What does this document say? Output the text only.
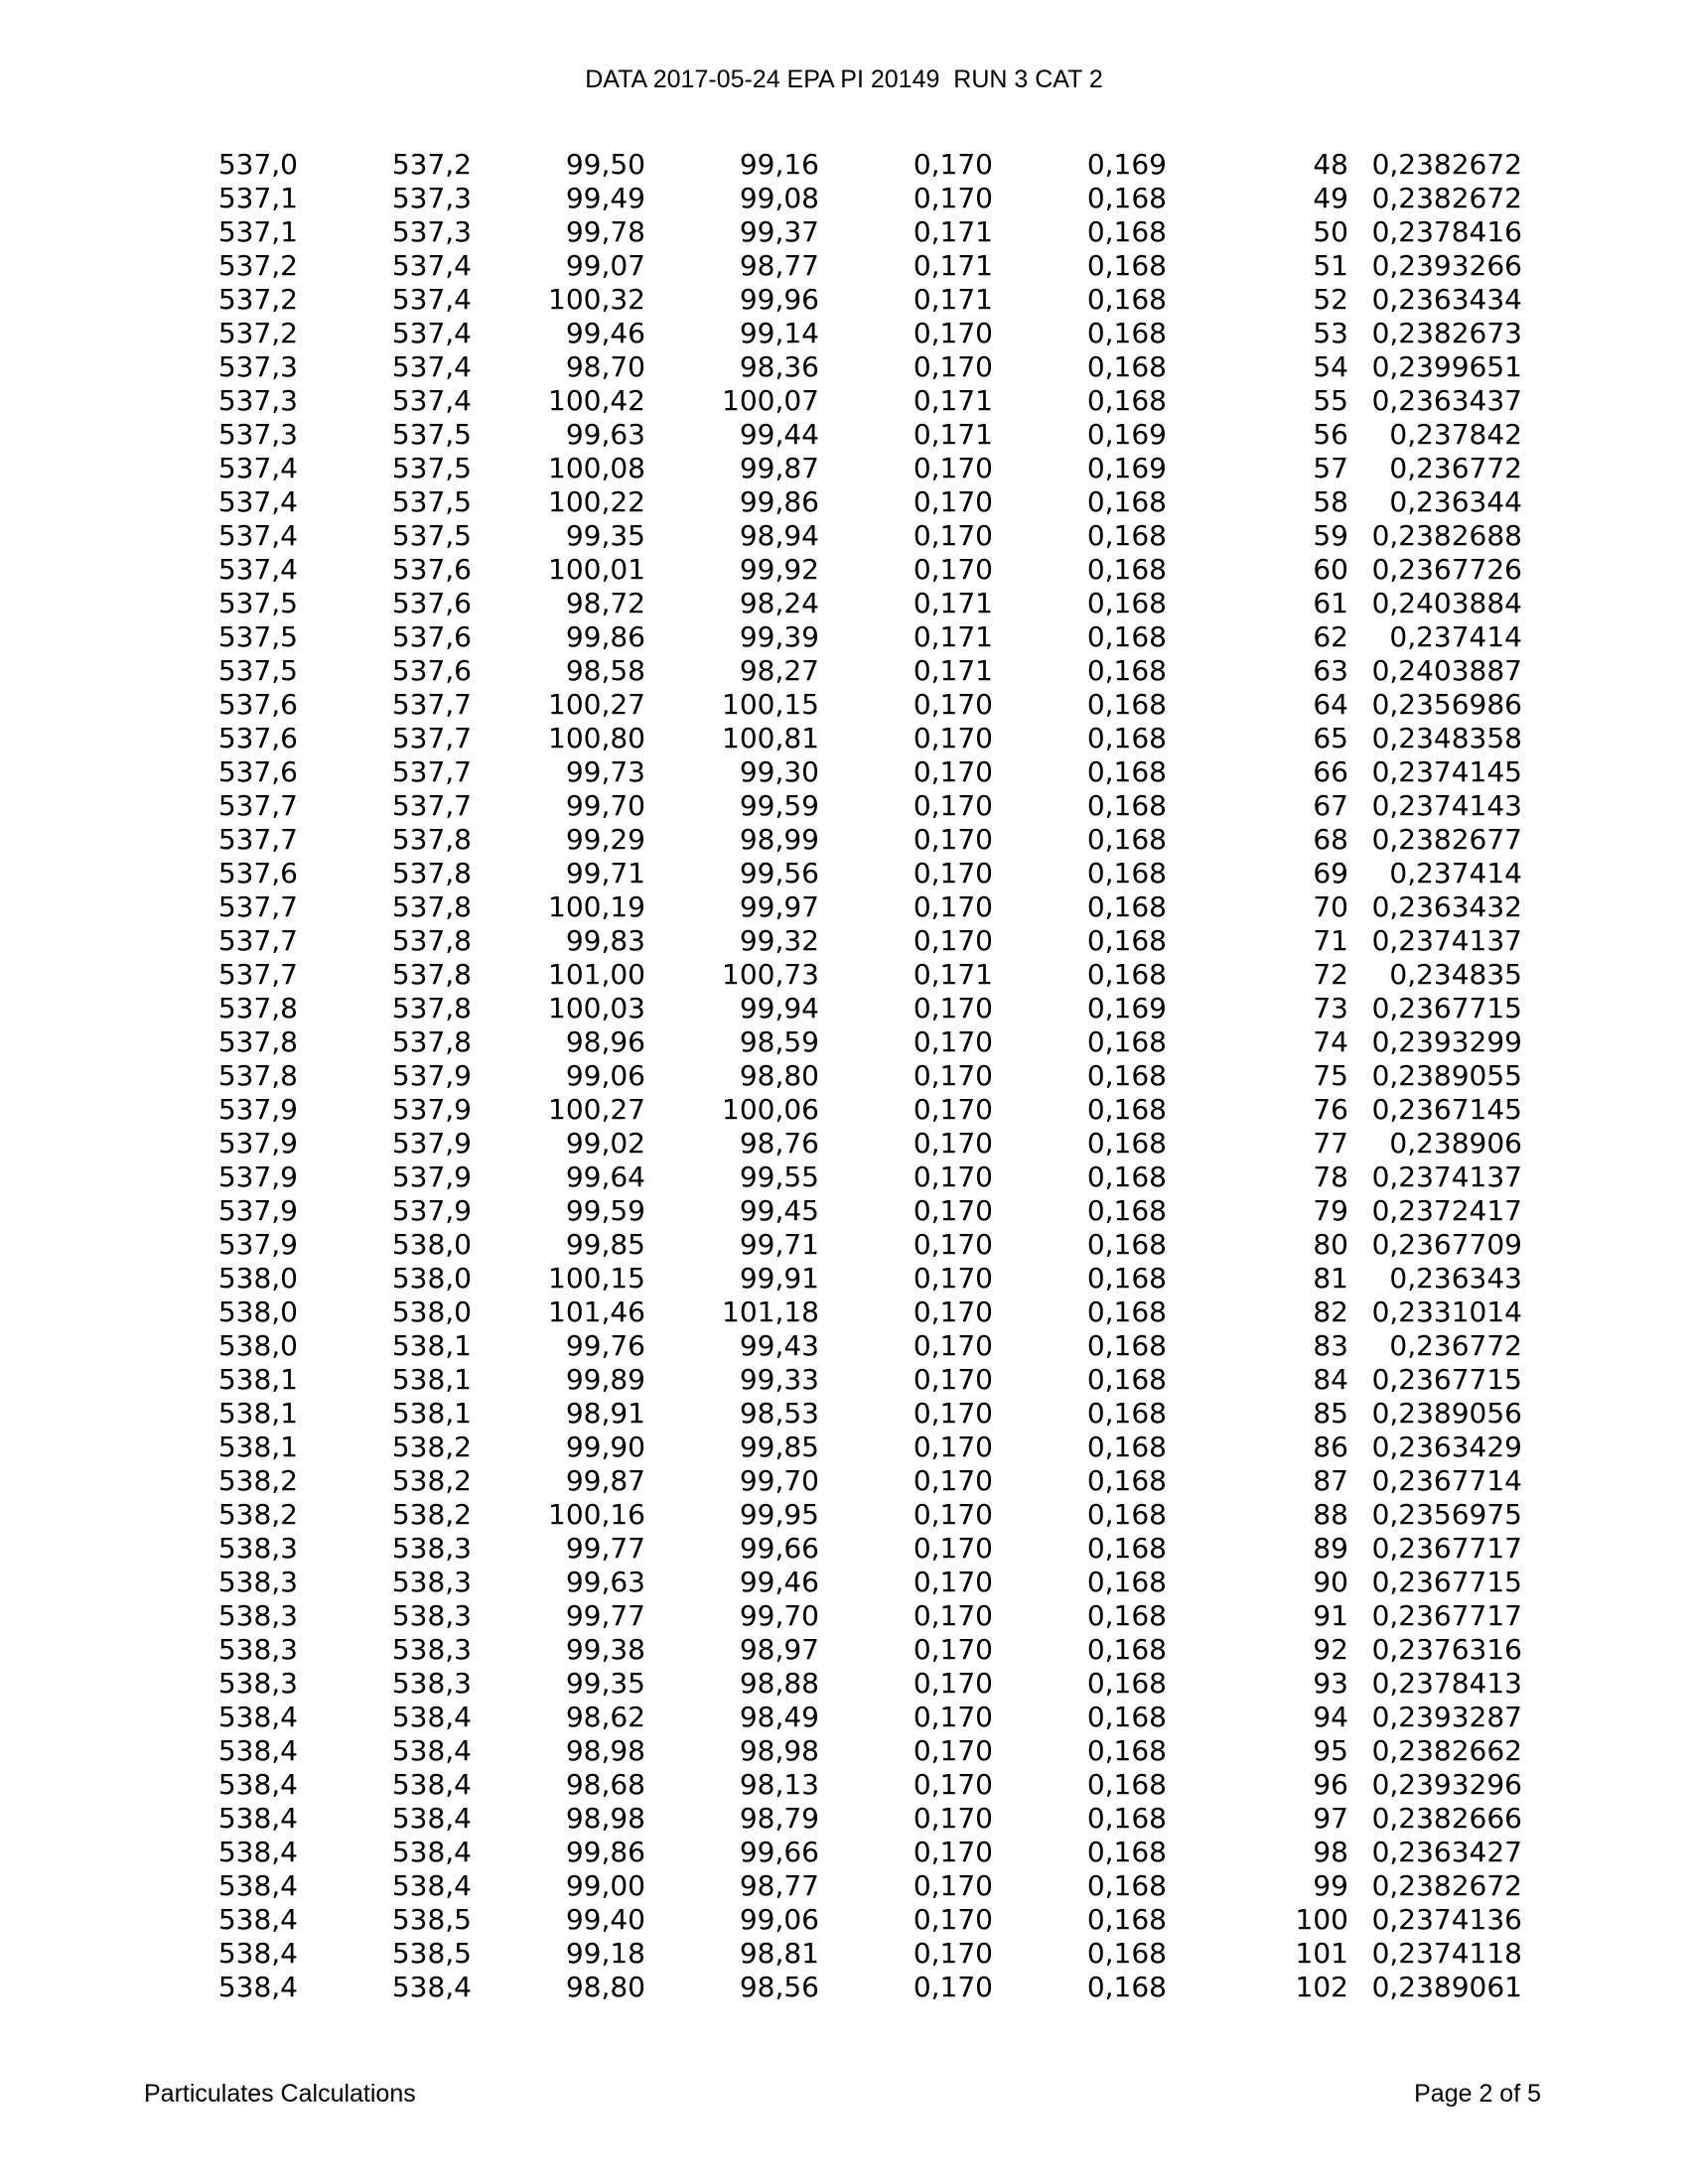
DATA 2017-05-24 EPA PI 20149  RUN 3 CAT 2
537,0	537,2	99,50	99,16	0,170	0,169	48	0,2382672
537,1	537,3	99,49	99,08	0,170	0,168	49	0,2382672
537,1	537,3	99,78	99,37	0,171	0,168	50	0,2378416
537,2	537,4	99,07	98,77	0,171	0,168	51	0,2393266
537,2	537,4	100,32	99,96	0,171	0,168	52	0,2363434
537,2	537,4	99,46	99,14	0,170	0,168	53	0,2382673
537,3	537,4	98,70	98,36	0,170	0,168	54	0,2399651
537,3	537,4	100,42	100,07	0,171	0,168	55	0,2363437
537,3	537,5	99,63	99,44	0,171	0,169	56	0,237842
537,4	537,5	100,08	99,87	0,170	0,169	57	0,236772
537,4	537,5	100,22	99,86	0,170	0,168	58	0,236344
537,4	537,5	99,35	98,94	0,170	0,168	59	0,2382688
537,4	537,6	100,01	99,92	0,170	0,168	60	0,2367726
537,5	537,6	98,72	98,24	0,171	0,168	61	0,2403884
537,5	537,6	99,86	99,39	0,171	0,168	62	0,237414
537,5	537,6	98,58	98,27	0,171	0,168	63	0,2403887
537,6	537,7	100,27	100,15	0,170	0,168	64	0,2356986
537,6	537,7	100,80	100,81	0,170	0,168	65	0,2348358
537,6	537,7	99,73	99,30	0,170	0,168	66	0,2374145
537,7	537,7	99,70	99,59	0,170	0,168	67	0,2374143
537,7	537,8	99,29	98,99	0,170	0,168	68	0,2382677
537,6	537,8	99,71	99,56	0,170	0,168	69	0,237414
537,7	537,8	100,19	99,97	0,170	0,168	70	0,2363432
537,7	537,8	99,83	99,32	0,170	0,168	71	0,2374137
537,7	537,8	101,00	100,73	0,171	0,168	72	0,234835
537,8	537,8	100,03	99,94	0,170	0,169	73	0,2367715
537,8	537,8	98,96	98,59	0,170	0,168	74	0,2393299
537,8	537,9	99,06	98,80	0,170	0,168	75	0,2389055
537,9	537,9	100,27	100,06	0,170	0,168	76	0,2367145
537,9	537,9	99,02	98,76	0,170	0,168	77	0,238906
537,9	537,9	99,64	99,55	0,170	0,168	78	0,2374137
537,9	537,9	99,59	99,45	0,170	0,168	79	0,2372417
537,9	538,0	99,85	99,71	0,170	0,168	80	0,2367709
538,0	538,0	100,15	99,91	0,170	0,168	81	0,236343
538,0	538,0	101,46	101,18	0,170	0,168	82	0,2331014
538,0	538,1	99,76	99,43	0,170	0,168	83	0,236772
538,1	538,1	99,89	99,33	0,170	0,168	84	0,2367715
538,1	538,1	98,91	98,53	0,170	0,168	85	0,2389056
538,1	538,2	99,90	99,85	0,170	0,168	86	0,2363429
538,2	538,2	99,87	99,70	0,170	0,168	87	0,2367714
538,2	538,2	100,16	99,95	0,170	0,168	88	0,2356975
538,3	538,3	99,77	99,66	0,170	0,168	89	0,2367717
538,3	538,3	99,63	99,46	0,170	0,168	90	0,2367715
538,3	538,3	99,77	99,70	0,170	0,168	91	0,2367717
538,3	538,3	99,38	98,97	0,170	0,168	92	0,2376316
538,3	538,3	99,35	98,88	0,170	0,168	93	0,2378413
538,4	538,4	98,62	98,49	0,170	0,168	94	0,2393287
538,4	538,4	98,98	98,98	0,170	0,168	95	0,2382662
538,4	538,4	98,68	98,13	0,170	0,168	96	0,2393296
538,4	538,4	98,98	98,79	0,170	0,168	97	0,2382666
538,4	538,4	99,86	99,66	0,170	0,168	98	0,2363427
538,4	538,4	99,00	98,77	0,170	0,168	99	0,2382672
538,4	538,5	99,40	99,06	0,170	0,168	100	0,2374136
538,4	538,5	99,18	98,81	0,170	0,168	101	0,2374118
538,4	538,4	98,80	98,56	0,170	0,168	102	0,2389061
Particulates Calculations	Page 2 of 5
